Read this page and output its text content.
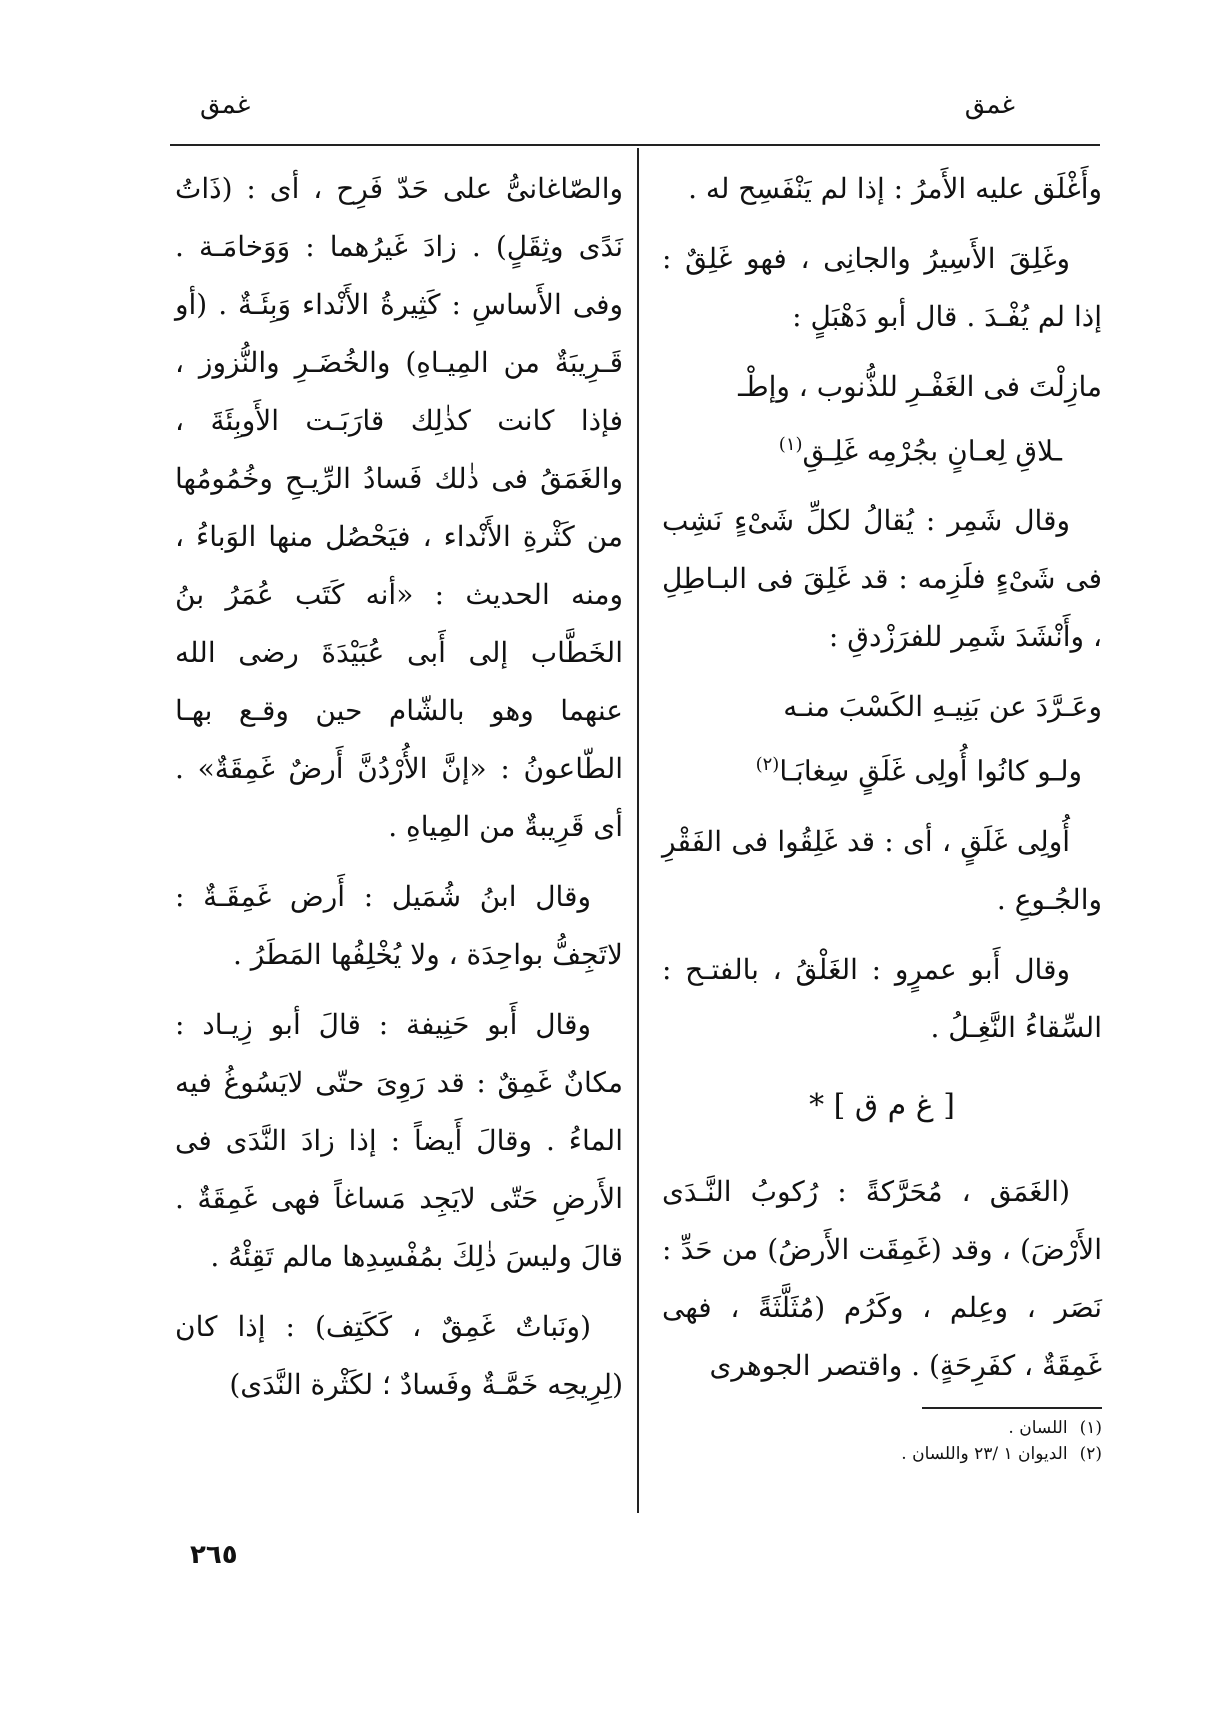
غمق
غمق

وأَغْلَق عليه الأَمرُ : إذا لم يَنْفَسِح له .

وغَلِقَ الأَسِيرُ والجانِى ، فهو غَلِقٌ : إذا لم يُفْـدَ . قال أبو دَهْبَلٍ :

مازِلْتَ فى الغَفْـرِ للذُّنوب ، وإطْـ
ـلاقِ لِعـانٍ بجُرْمِه غَلِـقِ$^{(١)}$

وقال شَمِر : يُقالُ لكلِّ شَىْءٍ نَشِب فى شَىْءٍ فلَزِمه : قد غَلِقَ فى البـاطِلِ ، وأَنْشَدَ شَمِر للفرَزْدقِ :

وعَـرَّدَ عن بَنِيـهِ الكَسْبَ منـه
ولـو كانُوا أُولِى غَلَقٍ سِغابَـا$^{(٢)}$

أُولِى غَلَقٍ ، أى : قد غَلِقُوا فى الفَقْرِ والجُـوعِ .

وقال أَبو عمرٍو : الغَلْقُ ، بالفتـح : السِّقاءُ النَّغِـلُ .

[ غ م ق ] *

(الغَمَق ، مُحَرَّكةً : رُكوبُ النَّـدَى الأَرْضَ) ، وقد (غَمِقَت الأَرضُ) من حَدِّ : نَصَر ، وعِلم ، وكَرُم (مُثَلَّثَةً ، فهى غَمِقَةٌ ، كفَرِحَةٍ) . واقتصر الجوهرى

(١)اللسان .
(٢)الديوان ١ /٢٣ واللسان .

والصّاغانىُّ على حَدّ فَرِح ، أى : (ذَاتُ نَدًى وثِقَلٍ) . زادَ غَيرُهما : وَوَخامَـة . وفى الأَساسِ : كَثِيرةُ الأَنْداء وَبِئَـةٌ . (أو قَـرِيبَةٌ من المِيـاهِ) والخُضَـرِ والنُّزوز ، فإذا كانت كذٰلِك قارَبَـت الأَوبِئَةَ ، والغَمَقُ فى ذٰلك فَسادُ الرِّيـحِ وخُمُومُها من كَثْرةِ الأَنْداء ، فيَحْصُل منها الوَباءُ ، ومنه الحديث : «أنه كَتَب عُمَرُ بنُ الخَطَّاب إلى أَبى عُبَيْدَةَ رضى الله عنهما وهو بالشّام حين وقـع بهـا الطّاعونُ : «إنَّ الأُرْدُنَّ أَرضٌ غَمِقَةٌ» . أى قَرِيبةٌ من المِياهِ .

وقال ابنُ شُمَيل : أَرض غَمِقَـةٌ : لاتَجِفُّ بواحِدَة ، ولا يُخْلِفُها المَطَرُ .

وقال أَبو حَنِيفة : قالَ أبو زِيـاد : مكانٌ غَمِقٌ : قد رَوِىَ حتّى لايَسُوغُ فيه الماءُ . وقالَ أَيضاً : إذا زادَ النَّدَى فى الأَرضِ حَتّى لايَجِد مَساغاً فهى غَمِقَةٌ . قالَ وليسَ ذٰلِكَ بمُفْسِدِها مالم تَقِئْهُ .

(ونَباتٌ غَمِقٌ ، كَكَتِف) : إذا كان (لِرِيحِه خَمَّـةٌ وفَسادٌ ؛ لكَثْرة النَّدَى)

٢٦٥
